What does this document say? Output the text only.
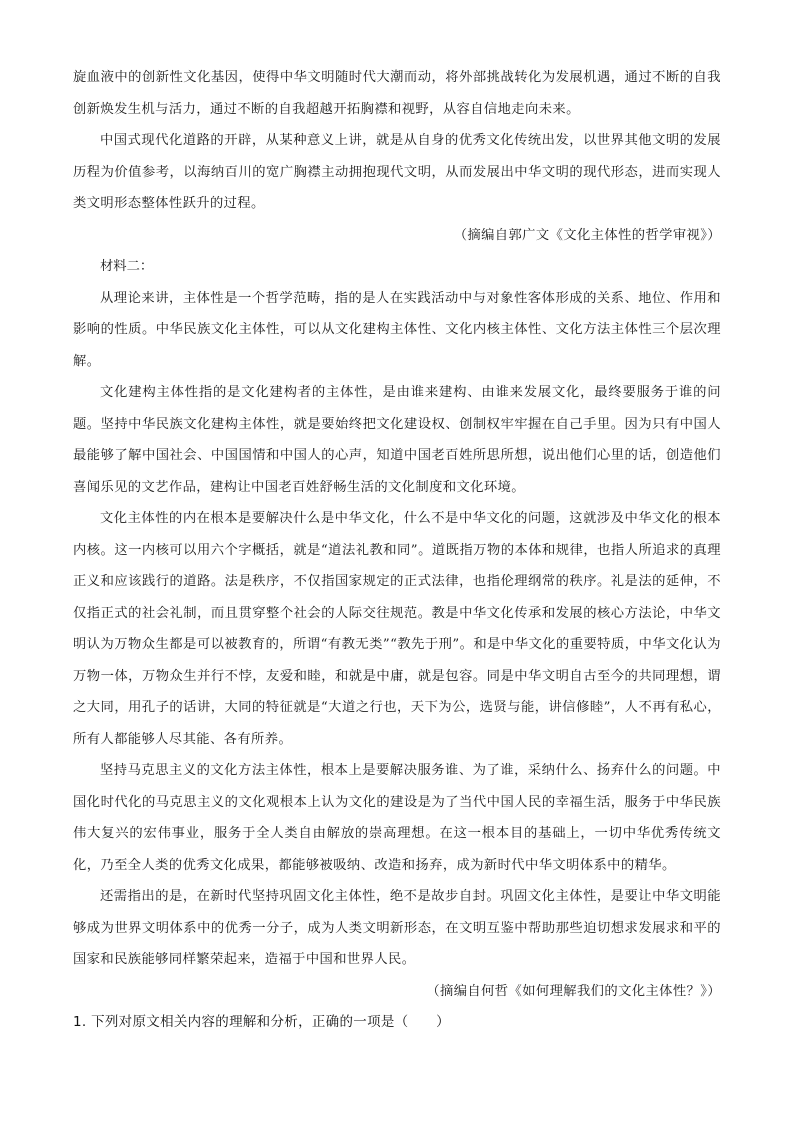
旋血液中的创新性文化基因，使得中华文明随时代大潮而动，将外部挑战转化为发展机遇，通过不断的自我创新焕发生机与活力，通过不断的自我超越开拓胸襟和视野，从容自信地走向未来。

中国式现代化道路的开辟，从某种意义上讲，就是从自身的优秀文化传统出发，以世界其他文明的发展历程为价值参考，以海纳百川的宽广胸襟主动拥抱现代文明，从而发展出中华文明的现代形态，进而实现人类文明形态整体性跃升的过程。

（摘编自郭广文《文化主体性的哲学审视》）

材料二：

从理论来讲，主体性是一个哲学范畴，指的是人在实践活动中与对象性客体形成的关系、地位、作用和影响的性质。中华民族文化主体性，可以从文化建构主体性、文化内核主体性、文化方法主体性三个层次理解。

文化建构主体性指的是文化建构者的主体性，是由谁来建构、由谁来发展文化，最终要服务于谁的问题。坚持中华民族文化建构主体性，就是要始终把文化建设权、创制权牢牢握在自己手里。因为只有中国人最能够了解中国社会、中国国情和中国人的心声，知道中国老百姓所思所想，说出他们心里的话，创造他们喜闻乐见的文艺作品，建构让中国老百姓舒畅生活的文化制度和文化环境。

文化主体性的内在根本是要解决什么是中华文化，什么不是中华文化的问题，这就涉及中华文化的根本内核。这一内核可以用六个字概括，就是“道法礼教和同”。道既指万物的本体和规律，也指人所追求的真理正义和应该践行的道路。法是秩序，不仅指国家规定的正式法律，也指伦理纲常的秩序。礼是法的延伸，不仅指正式的社会礼制，而且贯穿整个社会的人际交往规范。教是中华文化传承和发展的核心方法论，中华文明认为万物众生都是可以被教育的，所谓“有教无类”“教先于刑”。和是中华文化的重要特质，中华文化认为万物一体，万物众生并行不悖，友爱和睦，和就是中庸，就是包容。同是中华文明自古至今的共同理想，谓之大同，用孔子的话讲，大同的特征就是“大道之行也，天下为公，选贤与能，讲信修睦”，人不再有私心，所有人都能够人尽其能、各有所养。

坚持马克思主义的文化方法主体性，根本上是要解决服务谁、为了谁，采纳什么、扬弃什么的问题。中国化时代化的马克思主义的文化观根本上认为文化的建设是为了当代中国人民的幸福生活，服务于中华民族伟大复兴的宏伟事业，服务于全人类自由解放的崇高理想。在这一根本目的基础上，一切中华优秀传统文化，乃至全人类的优秀文化成果，都能够被吸纳、改造和扬弃，成为新时代中华文明体系中的精华。

还需指出的是，在新时代坚持巩固文化主体性，绝不是故步自封。巩固文化主体性，是要让中华文明能够成为世界文明体系中的优秀一分子，成为人类文明新形态，在文明互鉴中帮助那些迫切想求发展求和平的国家和民族能够同样繁荣起来，造福于中国和世界人民。

（摘编自何哲《如何理解我们的文化主体性？》）

1. 下列对原文相关内容的理解和分析，正确的一项是（　　）
